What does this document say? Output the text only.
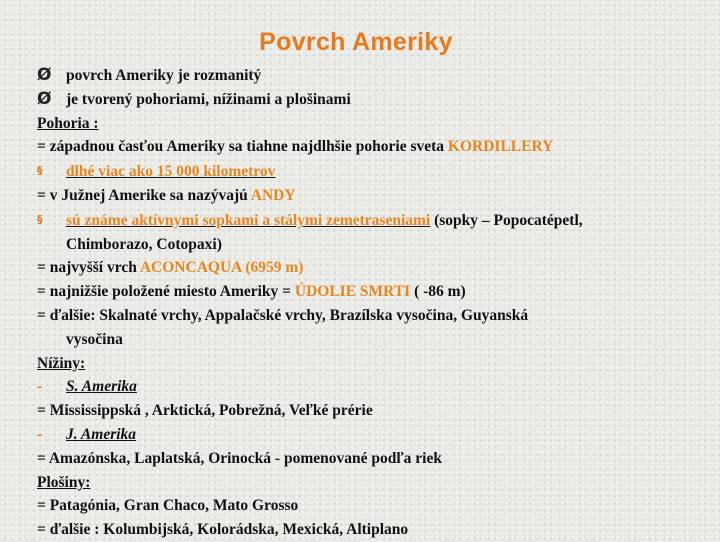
Povrch Ameriky
Ø povrch Ameriky je rozmanitý
Ø je tvorený pohoriami, nížinami a plošinami
Pohoria :
= západnou časťou Ameriky sa tiahne najdlhšie pohorie sveta KORDILLERY
§ dlhé viac ako 15 000 kilometrov
= v Južnej Amerike sa nazývajú ANDY
§ sú známe aktívnymi sopkami a stálymi zemetraseniami (sopky – Popocatépetl,
Chimborazo, Cotopaxi)
= najvyšší vrch ACONCAQUA (6959 m)
= najnižšie položené miesto Ameriky = ÚDOLIE SMRTI ( -86 m)
= ďalšie: Skalnaté vrchy, Appalačské vrchy, Brazílska vysočina, Guyanská
vysočina
Nížiny:
- S. Amerika
= Mississippská , Arktická, Pobrežná, Veľké prérie
- J. Amerika
= Amazónska, Laplatská, Orinocká - pomenované podľa riek
Plošiny:
= Patagónia, Gran Chaco, Mato Grosso
= ďalšie : Kolumbijská, Kolorádska, Mexická, Altiplano
